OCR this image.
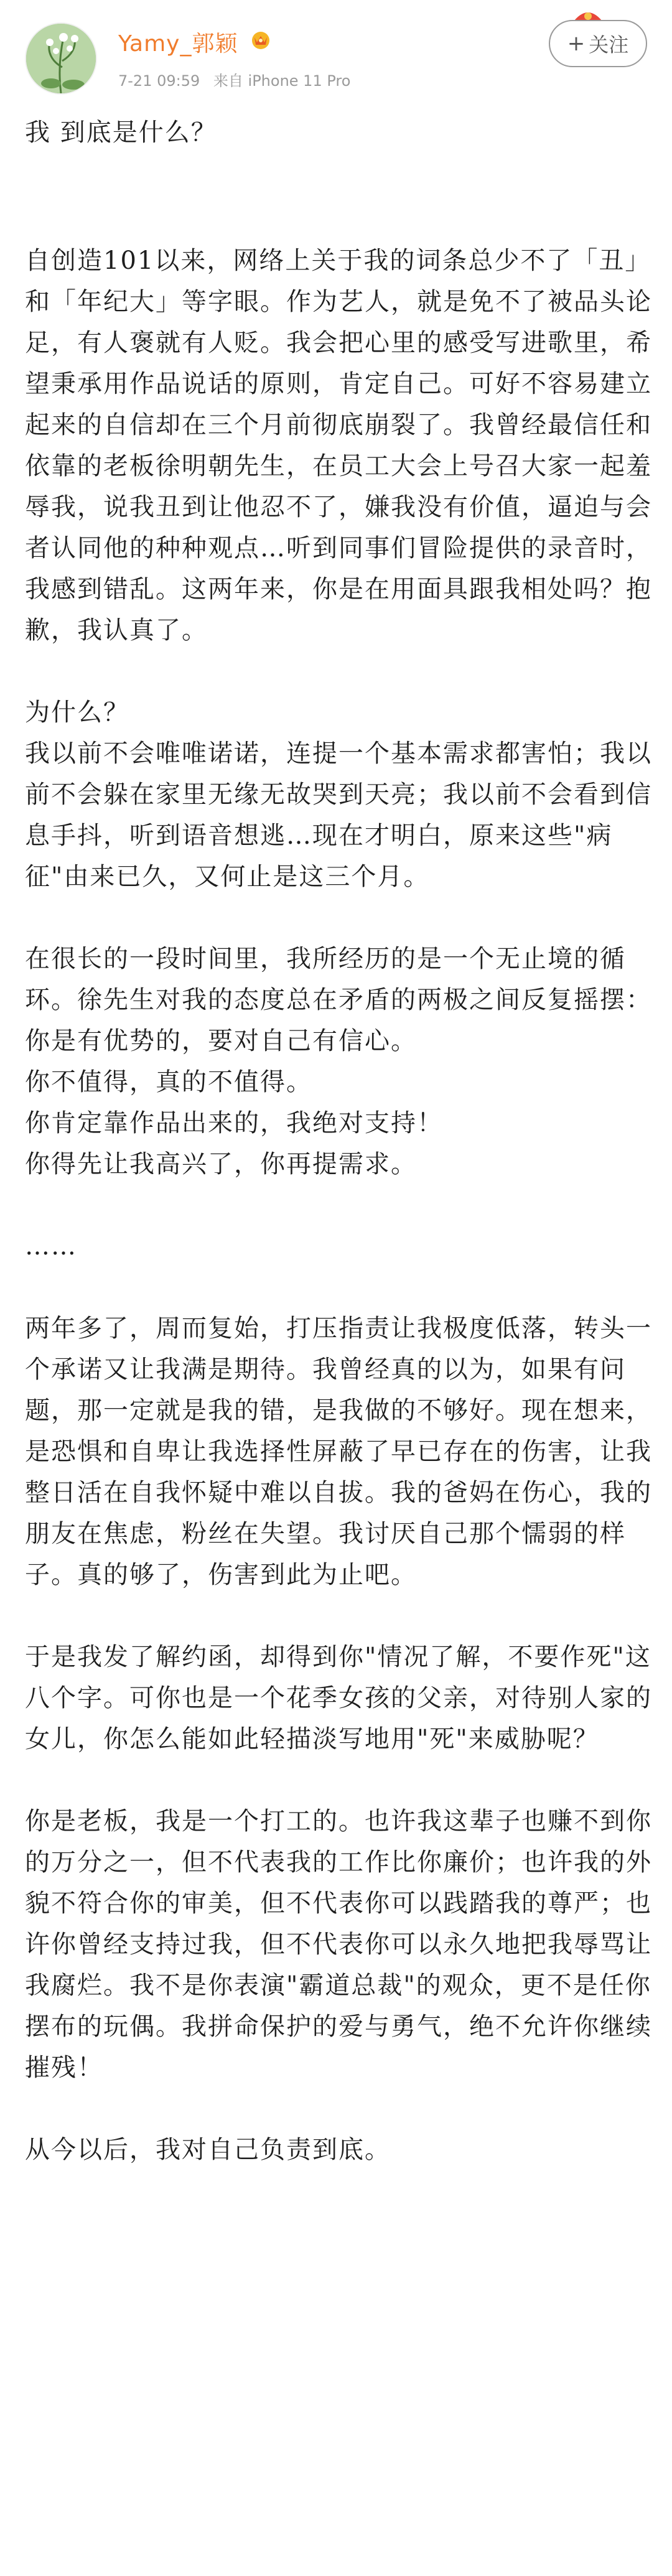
Yamy_郭颖
7-21 09:59 来自 iPhone 11 Pro
+ 关注

我 到底是什么？

自创造101以来，网络上关于我的词条总少不了「丑」和「年纪大」等字眼。作为艺人，就是免不了被品头论足，有人褒就有人贬。我会把心里的感受写进歌里，希望秉承用作品说话的原则，肯定自己。可好不容易建立起来的自信却在三个月前彻底崩裂了。我曾经最信任和依靠的老板徐明朝先生，在员工大会上号召大家一起羞辱我，说我丑到让他忍不了，嫌我没有价值，逼迫与会者认同他的种种观点…听到同事们冒险提供的录音时，我感到错乱。这两年来，你是在用面具跟我相处吗？抱歉，我认真了。

为什么？
我以前不会唯唯诺诺，连提一个基本需求都害怕；我以前不会躲在家里无缘无故哭到天亮；我以前不会看到信息手抖，听到语音想逃…现在才明白，原来这些"病征"由来已久，又何止是这三个月。

在很长的一段时间里，我所经历的是一个无止境的循环。徐先生对我的态度总在矛盾的两极之间反复摇摆：
你是有优势的，要对自己有信心。
你不值得，真的不值得。
你肯定靠作品出来的，我绝对支持！
你得先让我高兴了，你再提需求。

……

两年多了，周而复始，打压指责让我极度低落，转头一个承诺又让我满是期待。我曾经真的以为，如果有问题，那一定就是我的错，是我做的不够好。现在想来，是恐惧和自卑让我选择性屏蔽了早已存在的伤害，让我整日活在自我怀疑中难以自拔。我的爸妈在伤心，我的朋友在焦虑，粉丝在失望。我讨厌自己那个懦弱的样子。真的够了，伤害到此为止吧。

于是我发了解约函，却得到你"情况了解，不要作死"这八个字。可你也是一个花季女孩的父亲，对待别人家的女儿，你怎么能如此轻描淡写地用"死"来威胁呢？

你是老板，我是一个打工的。也许我这辈子也赚不到你的万分之一，但不代表我的工作比你廉价；也许我的外貌不符合你的审美，但不代表你可以践踏我的尊严；也许你曾经支持过我，但不代表你可以永久地把我辱骂让我腐烂。我不是你表演"霸道总裁"的观众，更不是任你摆布的玩偶。我拼命保护的爱与勇气，绝不允许你继续摧残！

从今以后，我对自己负责到底。
